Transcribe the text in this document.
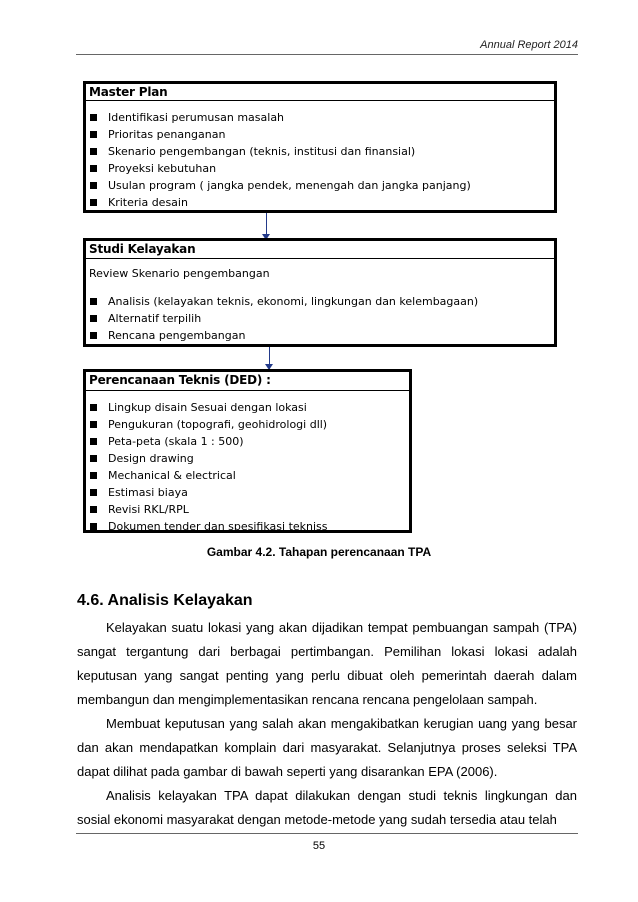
Annual Report 2014
Master Plan
Identifikasi perumusan masalah
Prioritas penanganan
Skenario pengembangan (teknis, institusi dan finansial)
Proyeksi kebutuhan
Usulan program ( jangka pendek, menengah dan jangka panjang)
Kriteria desain
Studi Kelayakan
Review Skenario pengembangan
Analisis (kelayakan teknis, ekonomi, lingkungan dan kelembagaan)
Alternatif terpilih
Rencana pengembangan
Perencanaan Teknis (DED) :
Lingkup disain Sesuai dengan lokasi
Pengukuran (topografi, geohidrologi dll)
Peta-peta (skala 1 : 500)
Design drawing
Mechanical & electrical
Estimasi biaya
Revisi RKL/RPL
Dokumen tender dan spesifikasi tekniss
Gambar 4.2. Tahapan perencanaan TPA
4.6. Analisis Kelayakan
Kelayakan suatu lokasi yang akan dijadikan tempat pembuangan sampah (TPA) sangat tergantung dari berbagai pertimbangan. Pemilihan lokasi lokasi adalah keputusan yang sangat penting yang perlu dibuat oleh pemerintah daerah dalam membangun dan mengimplementasikan rencana rencana pengelolaan sampah.
Membuat keputusan yang salah akan mengakibatkan kerugian uang yang besar dan akan mendapatkan komplain dari masyarakat. Selanjutnya proses seleksi TPA dapat dilihat pada gambar di bawah seperti yang disarankan EPA (2006).
Analisis kelayakan TPA dapat dilakukan dengan studi teknis lingkungan dan sosial ekonomi masyarakat dengan metode-metode yang sudah tersedia atau telah
55
